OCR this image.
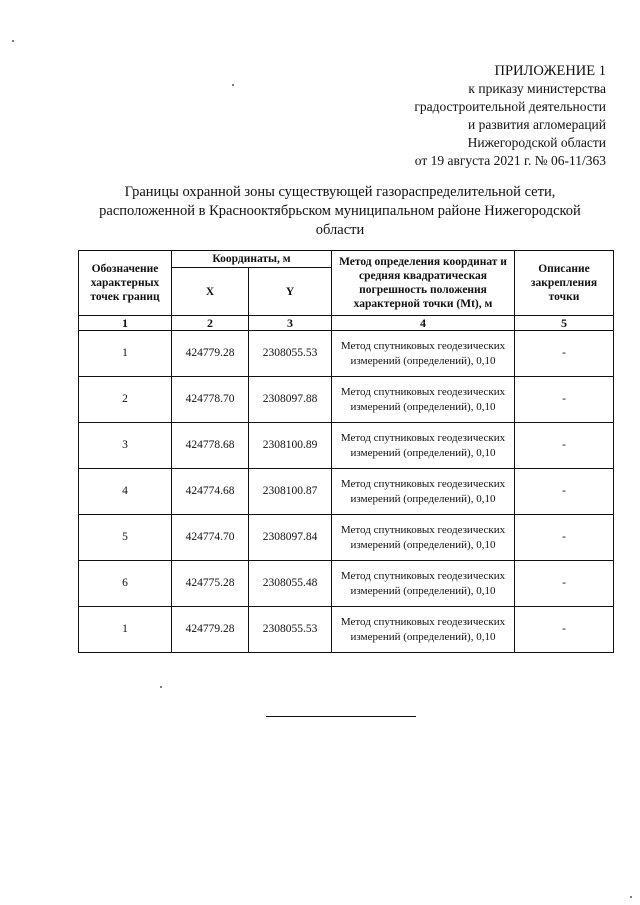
ПРИЛОЖЕНИЕ 1
к приказу министерства
градостроительной деятельности
и развития агломераций
Нижегородской области
от 19 августа 2021 г. № 06-11/363
Границы охранной зоны существующей газораспределительной сети,
расположенной в Краснооктябрьском муниципальном районе Нижегородской
области
Обозначение характерных точек границ	Координаты, м		Метод определения координат и средняя квадратическая погрешность положения характерной точки (Mt), м	Описание закрепления точки
	X	Y		
1	2	3	4	5
1	424779.28	2308055.53	Метод спутниковых геодезических измерений (определений), 0,10	-
2	424778.70	2308097.88	Метод спутниковых геодезических измерений (определений), 0,10	-
3	424778.68	2308100.89	Метод спутниковых геодезических измерений (определений), 0,10	-
4	424774.68	2308100.87	Метод спутниковых геодезических измерений (определений), 0,10	-
5	424774.70	2308097.84	Метод спутниковых геодезических измерений (определений), 0,10	-
6	424775.28	2308055.48	Метод спутниковых геодезических измерений (определений), 0,10	-
1	424779.28	2308055.53	Метод спутниковых геодезических измерений (определений), 0,10	-
